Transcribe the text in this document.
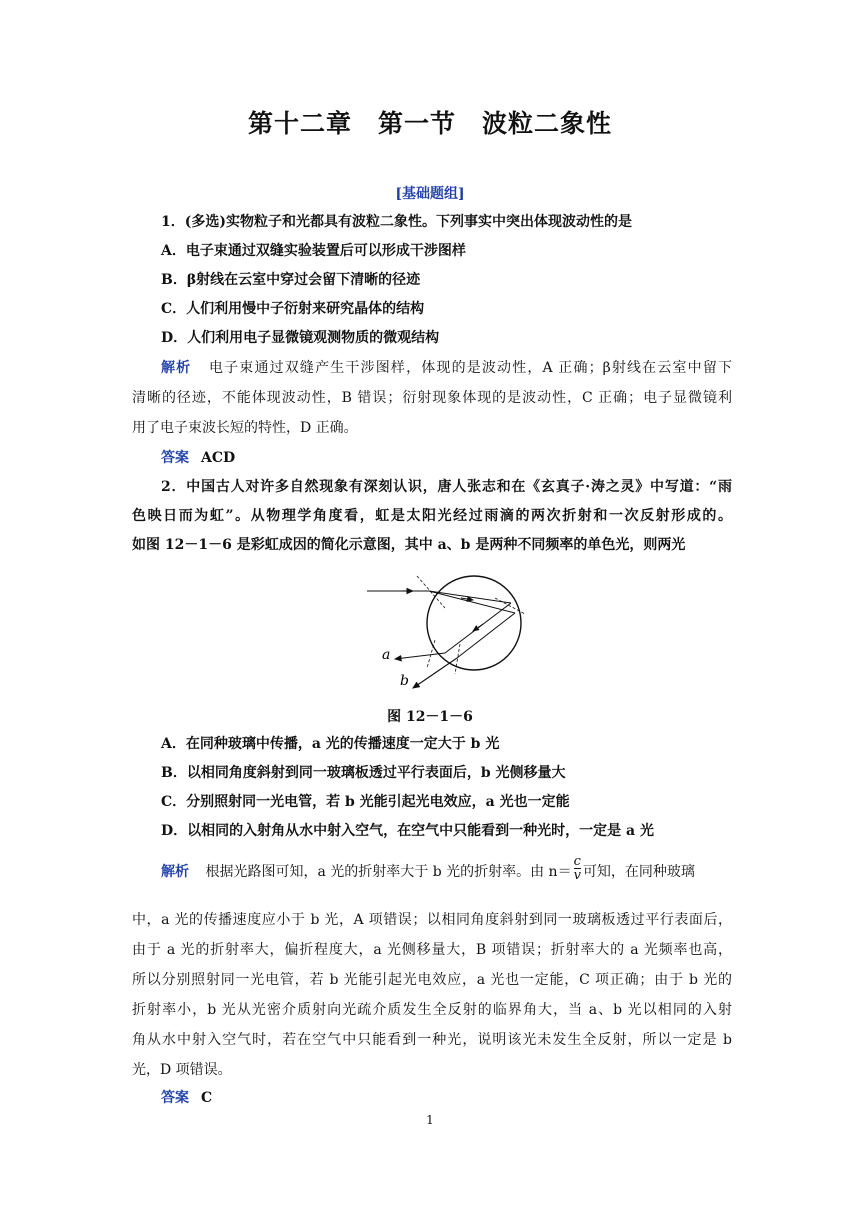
第十二章　第一节　波粒二象性
[基础题组]
1．(多选)实物粒子和光都具有波粒二象性。下列事实中突出体现波动性的是
A．电子束通过双缝实验装置后可以形成干涉图样
B．β射线在云室中穿过会留下清晰的径迹
C．人们利用慢中子衍射来研究晶体的结构
D．人们利用电子显微镜观测物质的微观结构
解析 电子束通过双缝产生干涉图样，体现的是波动性，A 正确；β射线在云室中留下
清晰的径迹，不能体现波动性，B 错误；衍射现象体现的是波动性，C 正确；电子显微镜利
用了电子束波长短的特性，D 正确。
答案 ACD
2．中国古人对许多自然现象有深刻认识，唐人张志和在《玄真子·涛之灵》中写道：“雨
色映日而为虹”。从物理学角度看，虹是太阳光经过雨滴的两次折射和一次反射形成的。
如图 12－1－6 是彩虹成因的简化示意图，其中 a、b 是两种不同频率的单色光，则两光
a
b
图 12－1－6
A．在同种玻璃中传播，a 光的传播速度一定大于 b 光
B．以相同角度斜射到同一玻璃板透过平行表面后，b 光侧移量大
C．分别照射同一光电管，若 b 光能引起光电效应，a 光也一定能
D．以相同的入射角从水中射入空气，在空气中只能看到一种光时，一定是 a 光
解析 根据光路图可知，a 光的折射率大于 b 光的折射率。由 $n= \frac{c}{v}$ 可知，在同种玻璃
中，a 光的传播速度应小于 b 光，A 项错误；以相同角度斜射到同一玻璃板透过平行表面后，
由于 a 光的折射率大，偏折程度大，a 光侧移量大，B 项错误；折射率大的 a 光频率也高，
所以分别照射同一光电管，若 b 光能引起光电效应，a 光也一定能，C 项正确；由于 b 光的
折射率小，b 光从光密介质射向光疏介质发生全反射的临界角大，当 a、b 光以相同的入射
角从水中射入空气时，若在空气中只能看到一种光，说明该光未发生全反射，所以一定是 b
光，D 项错误。
答案 C
1
